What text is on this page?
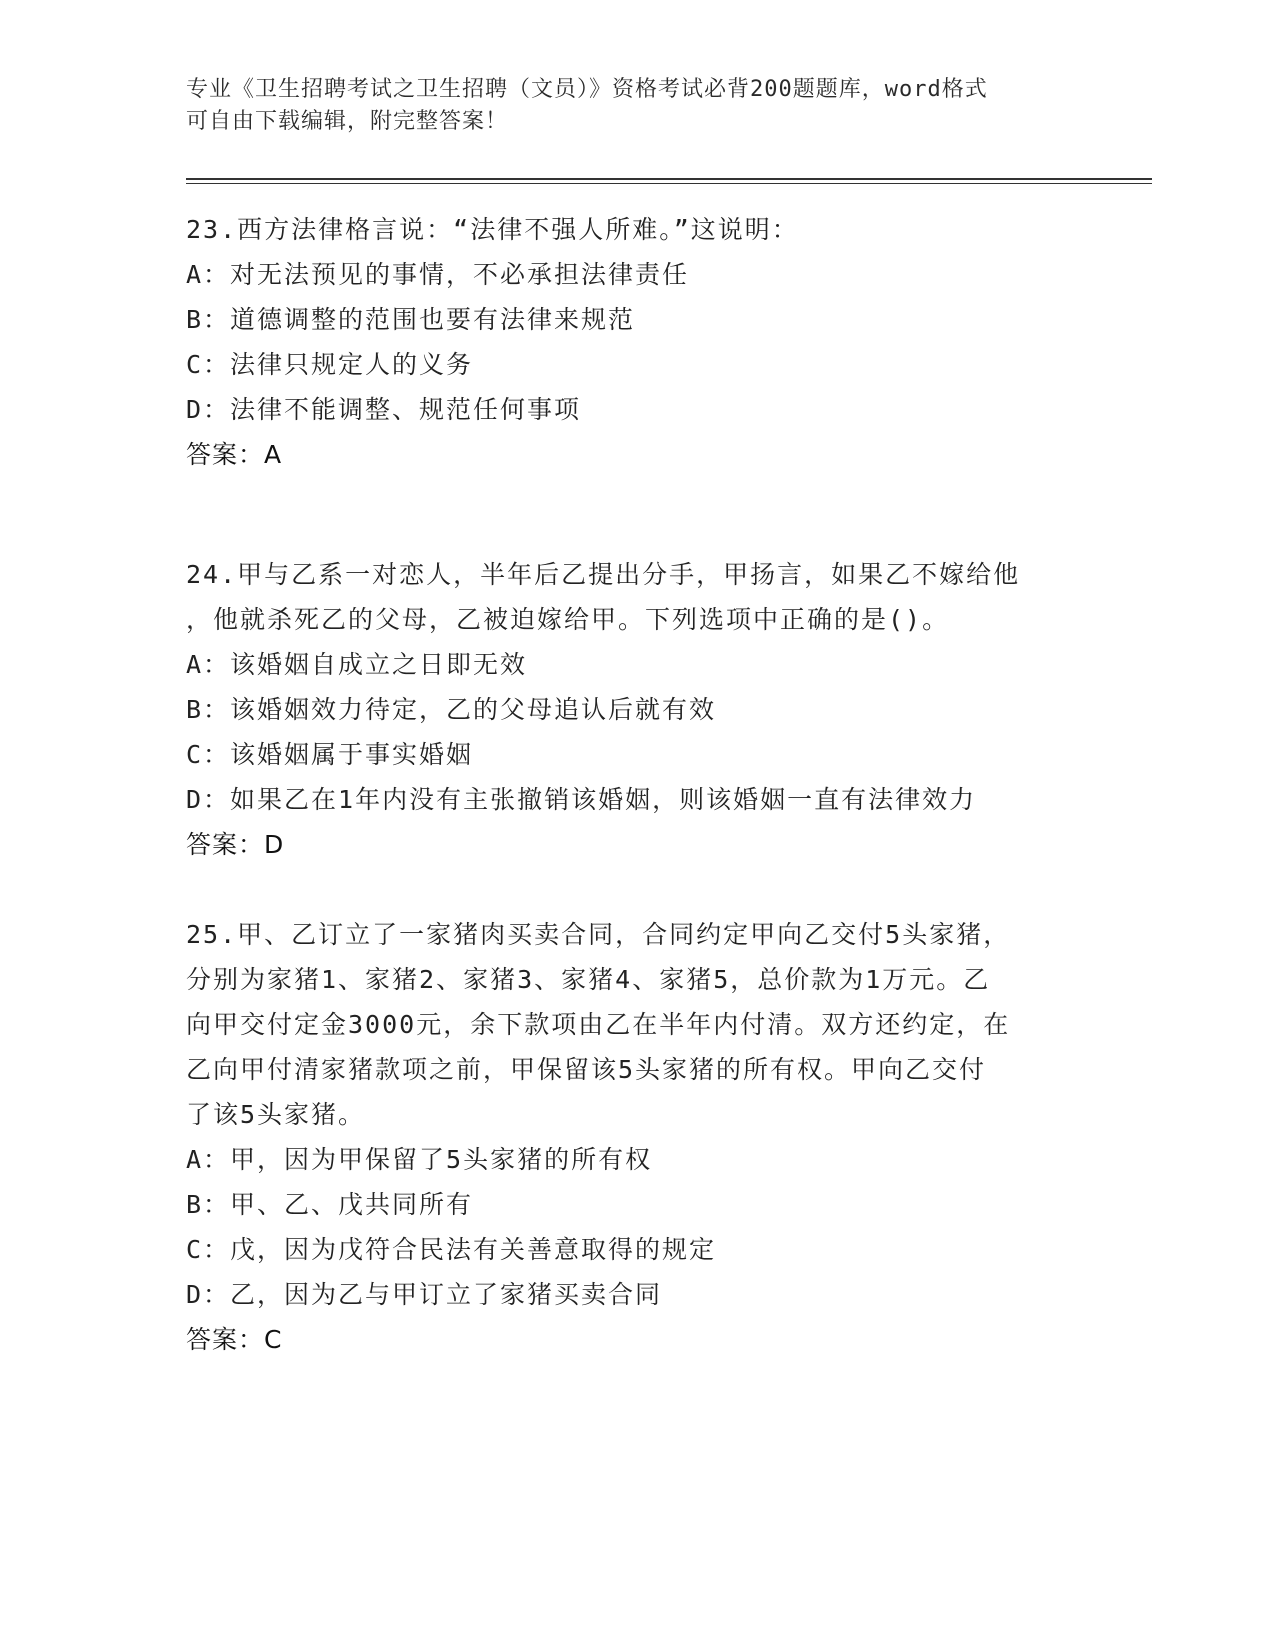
专业《卫生招聘考试之卫生招聘（文员）》资格考试必背200题题库，word格式
可自由下载编辑，附完整答案！
23.西方法律格言说：“法律不强人所难。”这说明：
A：对无法预见的事情，不必承担法律责任
B：道德调整的范围也要有法律来规范
C：法律只规定人的义务
D：法律不能调整、规范任何事项
答案：A
24.甲与乙系一对恋人，半年后乙提出分手，甲扬言，如果乙不嫁给他
，他就杀死乙的父母，乙被迫嫁给甲。下列选项中正确的是()。
A：该婚姻自成立之日即无效
B：该婚姻效力待定，乙的父母追认后就有效
C：该婚姻属于事实婚姻
D：如果乙在1年内没有主张撤销该婚姻，则该婚姻一直有法律效力
答案：D
25.甲、乙订立了一家猪肉买卖合同，合同约定甲向乙交付5头家猪，
分别为家猪1、家猪2、家猪3、家猪4、家猪5，总价款为1万元。乙
向甲交付定金3000元，余下款项由乙在半年内付清。双方还约定，在
乙向甲付清家猪款项之前，甲保留该5头家猪的所有权。甲向乙交付
了该5头家猪。
A：甲，因为甲保留了5头家猪的所有权
B：甲、乙、戊共同所有
C：戊，因为戊符合民法有关善意取得的规定
D：乙，因为乙与甲订立了家猪买卖合同
答案：C
